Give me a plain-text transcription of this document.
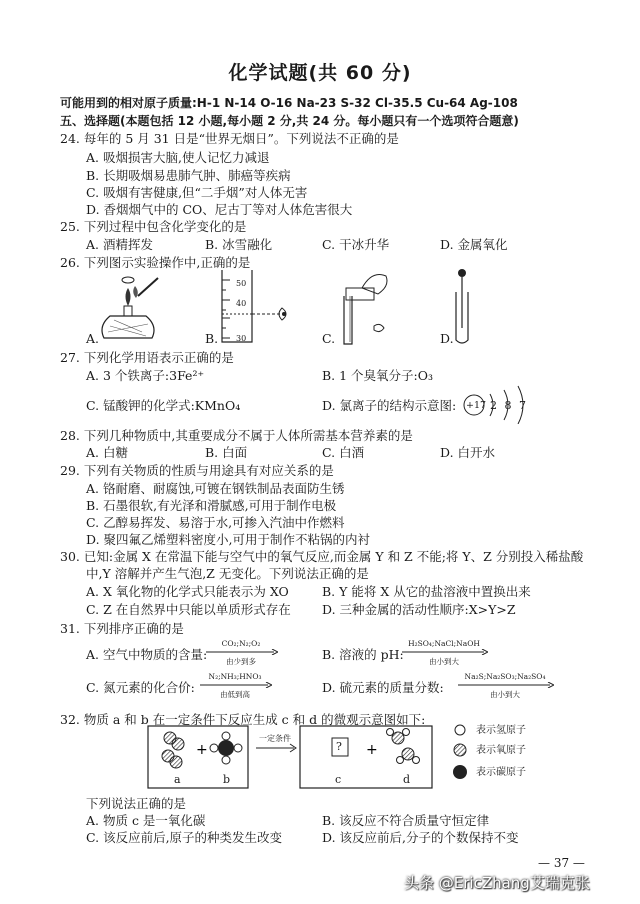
化学试题(共 60 分)
可能用到的相对原子质量:H-1 N-14 O-16 Na-23 S-32 Cl-35.5 Cu-64 Ag-108
五、选择题(本题包括 12 小题,每小题 2 分,共 24 分。每小题只有一个选项符合题意)
24. 每年的 5 月 31 日是“世界无烟日”。下列说法不正确的是
A. 吸烟损害大脑,使人记忆力减退
B. 长期吸烟易患肺气肿、肺癌等疾病
C. 吸烟有害健康,但“二手烟”对人体无害
D. 香烟烟气中的 CO、尼古丁等对人体危害很大
25. 下列过程中包含化学变化的是
A. 酒精挥发	B. 冰雪融化	C. 干冰升华	D. 金属氧化
26. 下列图示实验操作中,正确的是
A.
50
40
30
B.	C.	D.
27. 下列化学用语表示正确的是
A. 3 个铁离子:3Fe²⁺	B. 1 个臭氧分子:O₃
C. 锰酸钾的化学式:KMnO₄	D. 氯离子的结构示意图: +17 2 8 7
28. 下列几种物质中,其重要成分不属于人体所需基本营养素的是
A. 白糖	B. 白面	C. 白酒	D. 白开水
29. 下列有关物质的性质与用途具有对应关系的是
A. 铬耐磨、耐腐蚀,可镀在钢铁制品表面防生锈
B. 石墨很软,有光泽和滑腻感,可用于制作电极
C. 乙醇易挥发、易溶于水,可掺入汽油中作燃料
D. 聚四氟乙烯塑料密度小,可用于制作不粘锅的内衬
30. 已知:金属 X 在常温下能与空气中的氧气反应,而金属 Y 和 Z 不能;将 Y、Z 分别投入稀盐酸
中,Y 溶解并产生气泡,Z 无变化。下列说法正确的是
A. X 氧化物的化学式只能表示为 XO	B. Y 能将 X 从它的盐溶液中置换出来
C. Z 在自然界中只能以单质形式存在	D. 三种金属的活动性顺序:X>Y>Z
31. 下列排序正确的是
A. 空气中物质的含量:
CO₂;N₂;O₂
由少到多	B. 溶液的 pH:
H₂SO₄;NaCl;NaOH
由小到大
C. 氮元素的化合价:
N₂;NH₃;HNO₃
由低到高	D. 硫元素的质量分数:
Na₂S;Na₂SO₃;Na₂SO₄
由小到大
32. 物质 a 和 b 在一定条件下反应生成 c 和 d 的微观示意图如下:
+	+
一定条件
?
a	b	c	d
表示氢原子
表示氧原子
表示碳原子
下列说法正确的是
A. 物质 c 是一氧化碳	B. 该反应不符合质量守恒定律
C. 该反应前后,原子的种类发生改变	D. 该反应前后,分子的个数保持不变
— 37 —
头条 @EricZhang艾瑞克张
